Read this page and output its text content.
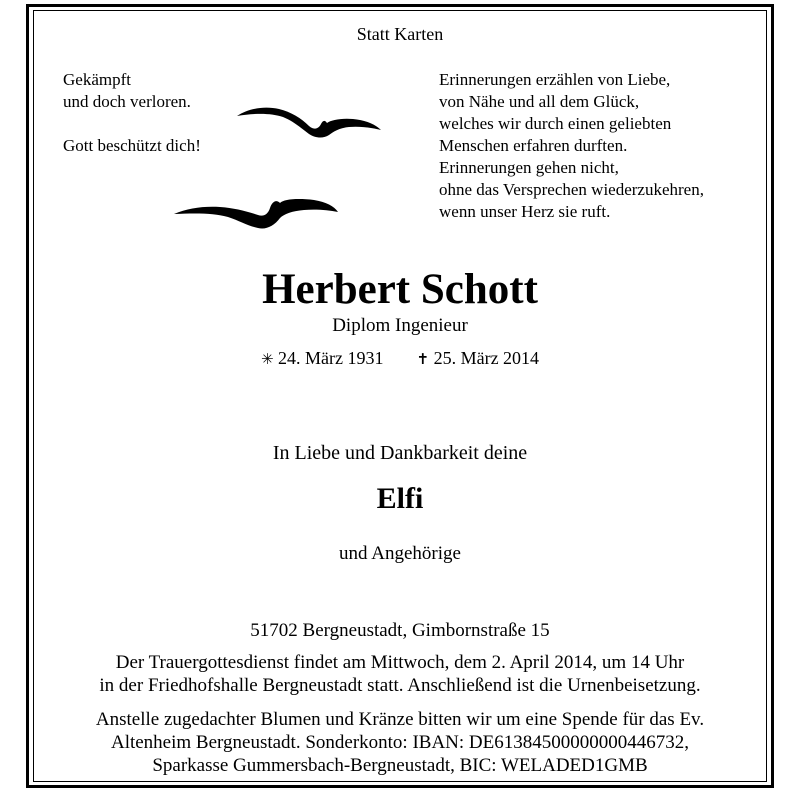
Statt Karten
Gekämpft
und doch verloren.
Gott beschützt dich!
Erinnerungen erzählen von Liebe,
von Nähe und all dem Glück,
welches wir durch einen geliebten
Menschen erfahren durften.
Erinnerungen gehen nicht,
ohne das Versprechen wiederzukehren,
wenn unser Herz sie ruft.
Herbert Schott
Diplom Ingenieur
✳ 24. März 1931 ✝ 25. März 2014
In Liebe und Dankbarkeit deine
Elfi
und Angehörige
51702 Bergneustadt, Gimbornstraße 15
Der Trauergottesdienst findet am Mittwoch, dem 2. April 2014, um 14 Uhr
in der Friedhofshalle Bergneustadt statt. Anschließend ist die Urnenbeisetzung.
Anstelle zugedachter Blumen und Kränze bitten wir um eine Spende für das Ev.
Altenheim Bergneustadt. Sonderkonto: IBAN: DE61384500000000446732,
Sparkasse Gummersbach-Bergneustadt, BIC: WELADED1GMB
